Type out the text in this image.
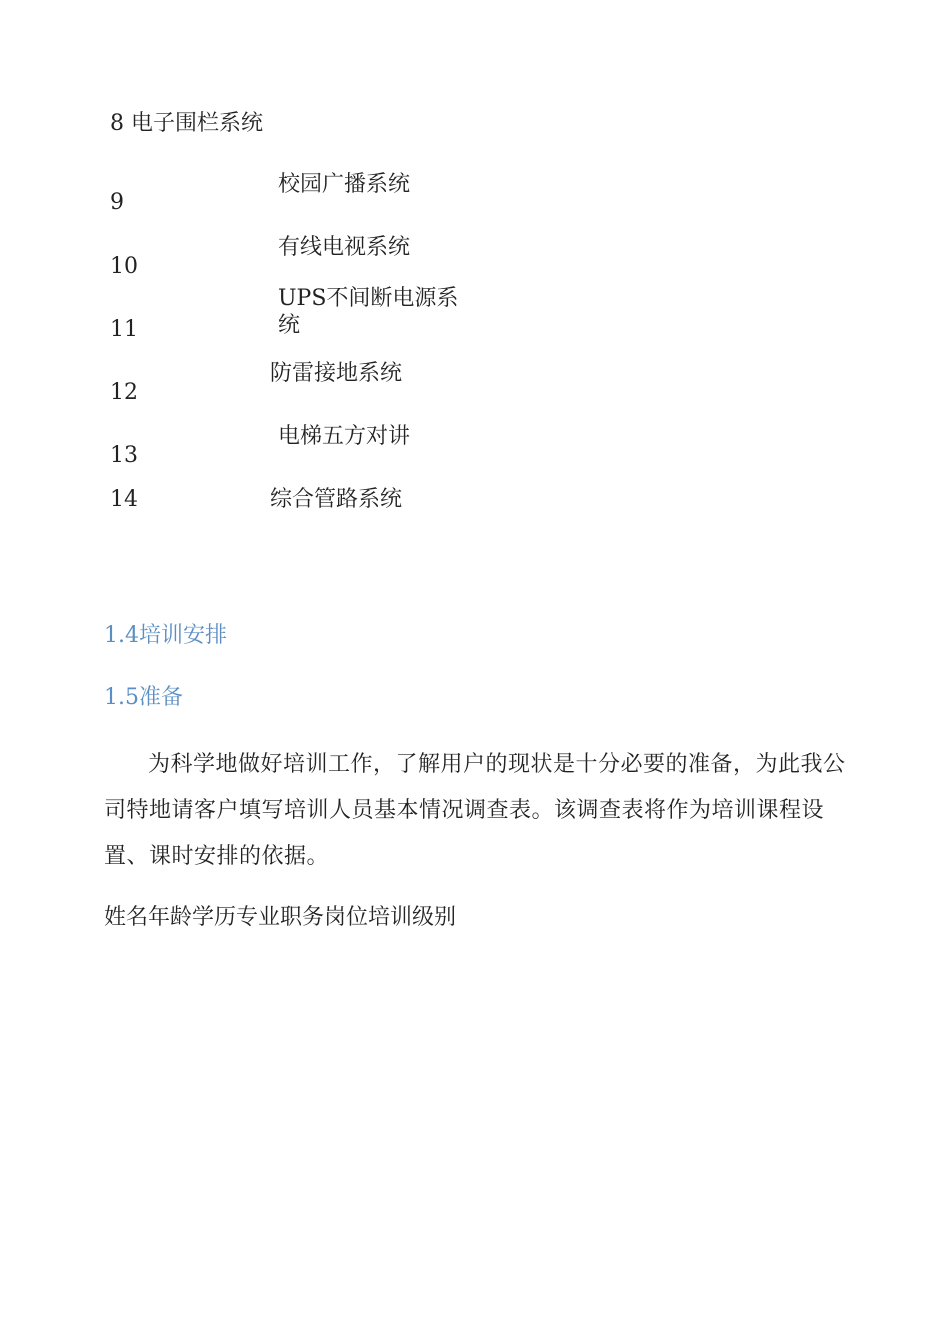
8 电子围栏系统
9
校园广播系统
10
有线电视系统
11
UPS不间断电源系统
12
防雷接地系统
13
电梯五方对讲
14	综合管路系统
1.4培训安排
1.5准备
为科学地做好培训工作，了解用户的现状是十分必要的准备，为此我公司特地请客户填写培训人员基本情况调查表。该调查表将作为培训课程设置、课时安排的依据。
姓名年龄学历专业职务岗位培训级别
